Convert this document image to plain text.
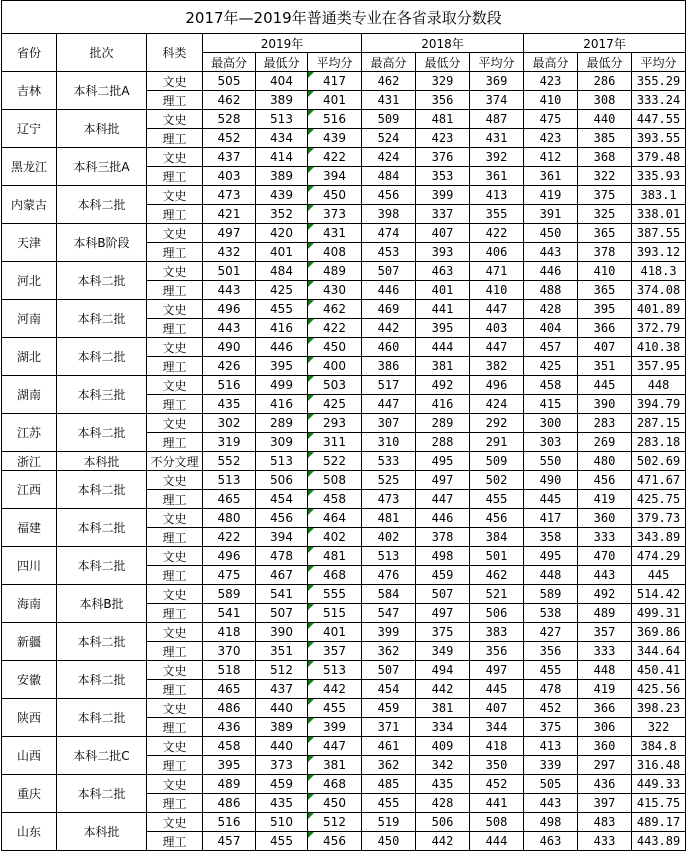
2017年—2019年普通类专业在各省录取分数段											
省份	批次	科类	2019年			2018年			2017年		
			最高分	最低分	平均分	最高分	最低分	平均分	最高分	最低分	平均分
吉林	本科二批A	文史	505	404	417	462	329	369	423	286	355.29
		理工	462	389	401	431	356	374	410	308	333.24
辽宁	本科批	文史	528	513	516	509	481	487	475	440	447.55
		理工	452	434	439	524	423	431	423	385	393.55
黑龙江	本科三批A	文史	437	414	422	424	376	392	412	368	379.48
		理工	403	389	394	484	353	361	361	322	335.93
内蒙古	本科二批	文史	473	439	450	456	399	413	419	375	383.1
		理工	421	352	373	398	337	355	391	325	338.01
天津	本科B阶段	文史	497	420	431	474	407	422	450	365	387.55
		理工	432	401	408	453	393	406	443	378	393.12
河北	本科二批	文史	501	484	489	507	463	471	446	410	418.3
		理工	443	425	430	446	401	410	488	365	374.08
河南	本科二批	文史	496	455	462	469	441	447	428	395	401.89
		理工	443	416	422	442	395	403	404	366	372.79
湖北	本科二批	文史	490	446	450	460	444	447	457	407	410.38
		理工	426	395	400	386	381	382	425	351	357.95
湖南	本科三批	文史	516	499	503	517	492	496	458	445	448
		理工	435	416	425	447	416	424	415	390	394.79
江苏	本科二批	文史	302	289	293	307	289	292	300	283	287.15
		理工	319	309	311	310	288	291	303	269	283.18
浙江	本科批	不分文理	552	513	522	533	495	509	550	480	502.69
江西	本科二批	文史	513	506	508	525	497	502	490	456	471.67
		理工	465	454	458	473	447	455	445	419	425.75
福建	本科二批	文史	480	456	464	481	446	456	417	360	379.73
		理工	422	394	402	402	378	384	358	333	343.89
四川	本科二批	文史	496	478	481	513	498	501	495	470	474.29
		理工	475	467	468	476	459	462	448	443	445
海南	本科B批	文史	589	541	555	584	507	521	589	492	514.42
		理工	541	507	515	547	497	506	538	489	499.31
新疆	本科二批	文史	418	390	401	399	375	383	427	357	369.86
		理工	370	351	357	362	349	356	356	333	344.64
安徽	本科二批	文史	518	512	513	507	494	497	455	448	450.41
		理工	465	437	442	454	442	445	478	419	425.56
陕西	本科二批	文史	486	440	455	459	381	407	452	366	398.23
		理工	436	389	399	371	334	344	375	306	322
山西	本科二批C	文史	458	440	447	461	409	418	413	360	384.8
		理工	395	373	381	362	342	350	339	297	316.48
重庆	本科二批	文史	489	459	468	485	435	452	505	436	449.33
		理工	486	435	450	455	428	441	443	397	415.75
山东	本科批	文史	516	510	512	519	506	508	498	483	489.17
		理工	457	455	456	450	442	444	463	433	443.89
